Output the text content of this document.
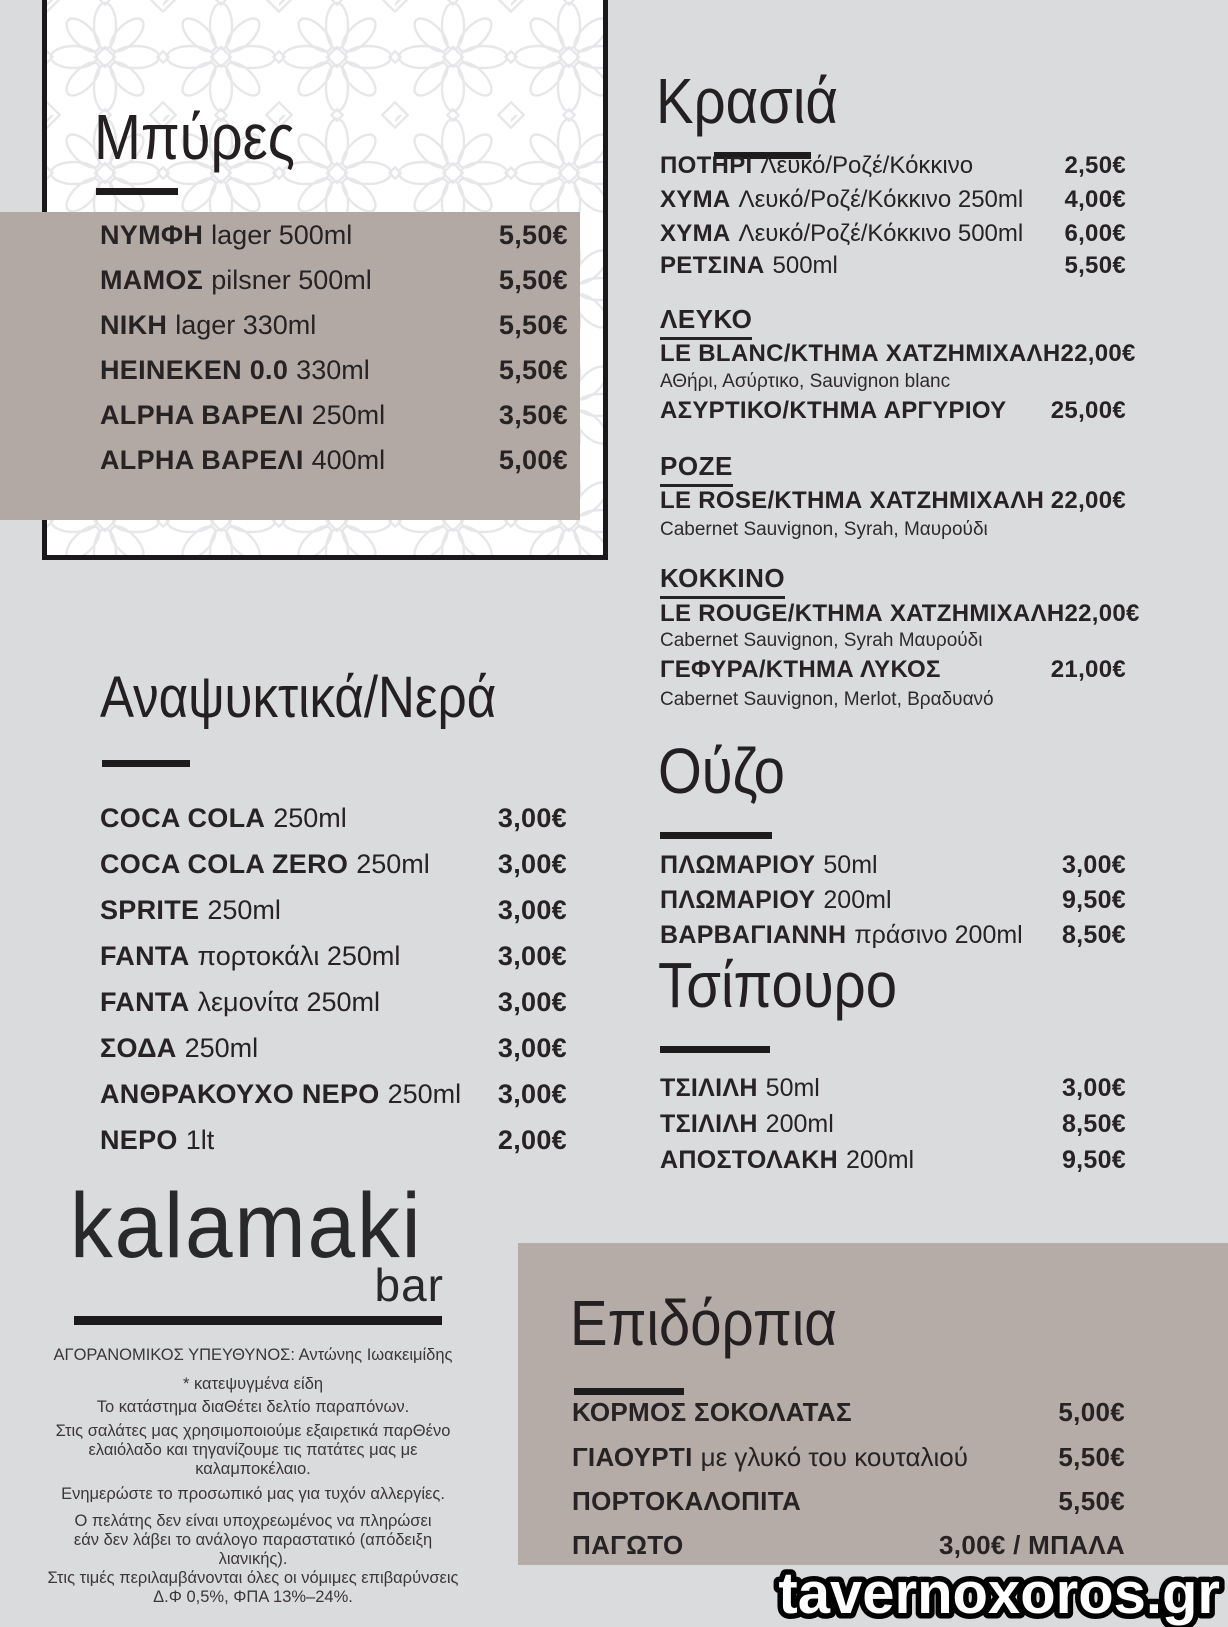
Μπύρες
ΝΥΜΦΗ lager 500ml	5,50€
ΜΑΜΟΣ pilsner 500ml	5,50€
ΝΙΚΗ lager 330ml	5,50€
HEINEKEN 0.0 330ml	5,50€
ALPHA ΒΑΡΕΛΙ 250ml	3,50€
ALPHA ΒΑΡΕΛΙ 400ml	5,00€
Αναψυκτικά/Νερά
COCA COLA 250ml	3,00€
COCA COLA ZERO 250ml	3,00€
SPRITE 250ml	3,00€
FANTA πορτοκάλι 250ml	3,00€
FANTA λεμονίτα 250ml	3,00€
ΣΟΔΑ 250ml	3,00€
ΑΝΘΡΑΚΟΥΧΟ ΝΕΡΟ 250ml 3,00€
ΝΕΡΟ 1lt	2,00€
Κρασιά
ΠΟΤΗΡΙ Λευκό/Ροζέ/Κόκκινο	2,50€
ΧΥΜΑ Λευκό/Ροζέ/Κόκκινο 250ml 4,00€
ΧΥΜΑ Λευκό/Ροζέ/Κόκκινο 500ml 6,00€
ΡΕΤΣΙΝΑ 500ml	5,50€
ΛΕΥΚΟ
LE BLANC/ΚΤΗΜΑ ΧΑΤΖΗΜΙΧΑΛΗ 22,00€
ΑΘήρι, Ασύρτικο, Sauvignon blanc
ΑΣΥΡΤΙΚΟ/ΚΤΗΜΑ ΑΡΓΥΡΙΟΥ 25,00€
ΡΟΖΕ
LE ROSE/ΚΤΗΜΑ ΧΑΤΖΗΜΙΧΑΛΗ 22,00€
Cabernet Sauvignon, Syrah, Μαυρούδι
ΚΟΚΚΙΝΟ
LE ROUGE/ΚΤΗΜΑ ΧΑΤΖΗΜΙΧΑΛΗ 22,00€
Cabernet Sauvignon, Syrah Μαυρούδι
ΓΕΦΥΡΑ/ΚΤΗΜΑ ΛΥΚΟΣ	21,00€
Cabernet Sauvignon, Merlot, Βραδυανό
Ούζο
ΠΛΩΜΑΡΙΟΥ 50ml	3,00€
ΠΛΩΜΑΡΙΟΥ 200ml	9,50€
ΒΑΡΒΑΓΙΑΝΝΗ πράσινο 200ml 8,50€
Τσίπουρο
ΤΣΙΛΙΛΗ 50ml	3,00€
ΤΣΙΛΙΛΗ 200ml	8,50€
ΑΠΟΣΤΟΛΑΚΗ 200ml	9,50€
kalamaki
bar
ΑΓΟΡΑΝΟΜΙΚΟΣ ΥΠΕΥΘΥΝΟΣ: Αντώνης Ιωακειμίδης
* κατεψυγμένα είδη
Το κατάστημα διαΘέτει δελτίο παραπόνων.
Στις σαλάτες μας χρησιμοποιούμε εξαιρετικά παρΘένο
ελαιόλαδο και τηγανίζουμε τις πατάτες μας με καλαμποκέλαιο.
Ενημερώστε το προσωπικό μας για τυχόν αλλεργίες.
Ο πελάτης δεν είναι υποχρεωμένος να πληρώσει
εάν δεν λάβει το ανάλογο παραστατικό (απόδειξη λιανικής).
Στις τιμές περιλαμβάνονται όλες οι νόμιμες επιβαρύνσεις
Δ.Φ 0,5%, ΦΠΑ 13%–24%.
Επιδόρπια
ΚΟΡΜΟΣ ΣΟΚΟΛΑΤΑΣ	5,00€
ΓΙΑΟΥΡΤΙ με γλυκό του κουταλιού	5,50€
ΠΟΡΤΟΚΑΛΟΠΙΤΑ	5,50€
ΠΑΓΩΤΟ	3,00€ / ΜΠΑΛΑ
tavernoxoros.gr
